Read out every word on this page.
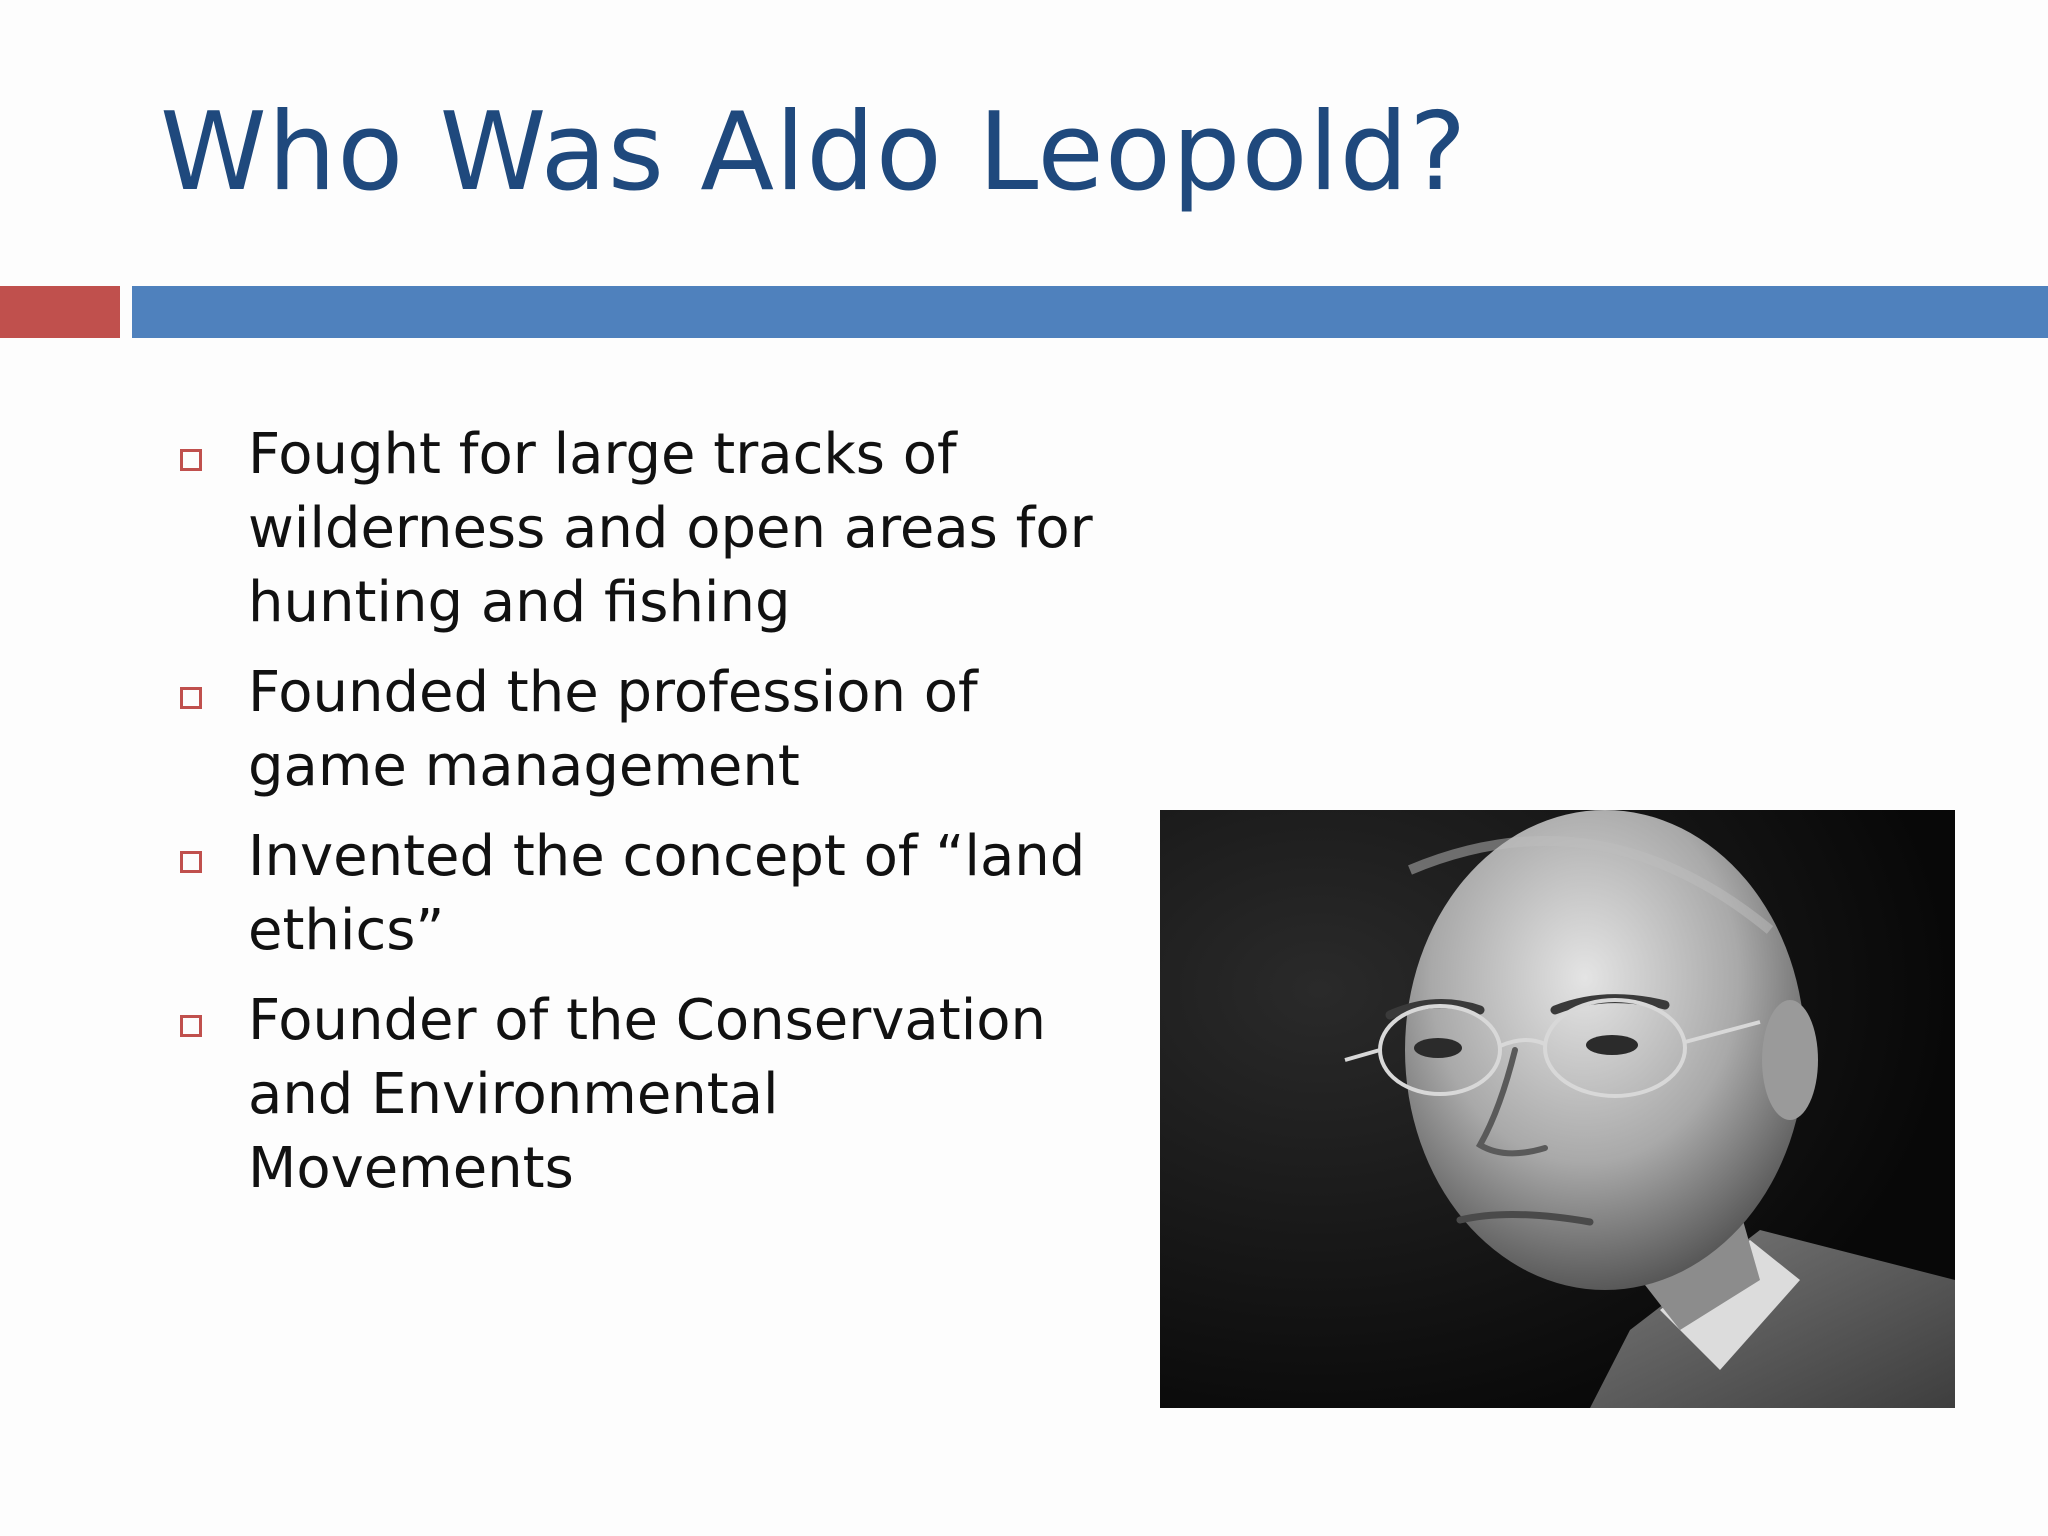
Who Was Aldo Leopold?
Fought for large tracks of wilderness and open areas for hunting and fishing
Founded the profession of game management
Invented the concept of “land ethics”
Founder of the Conservation and Environmental Movements
